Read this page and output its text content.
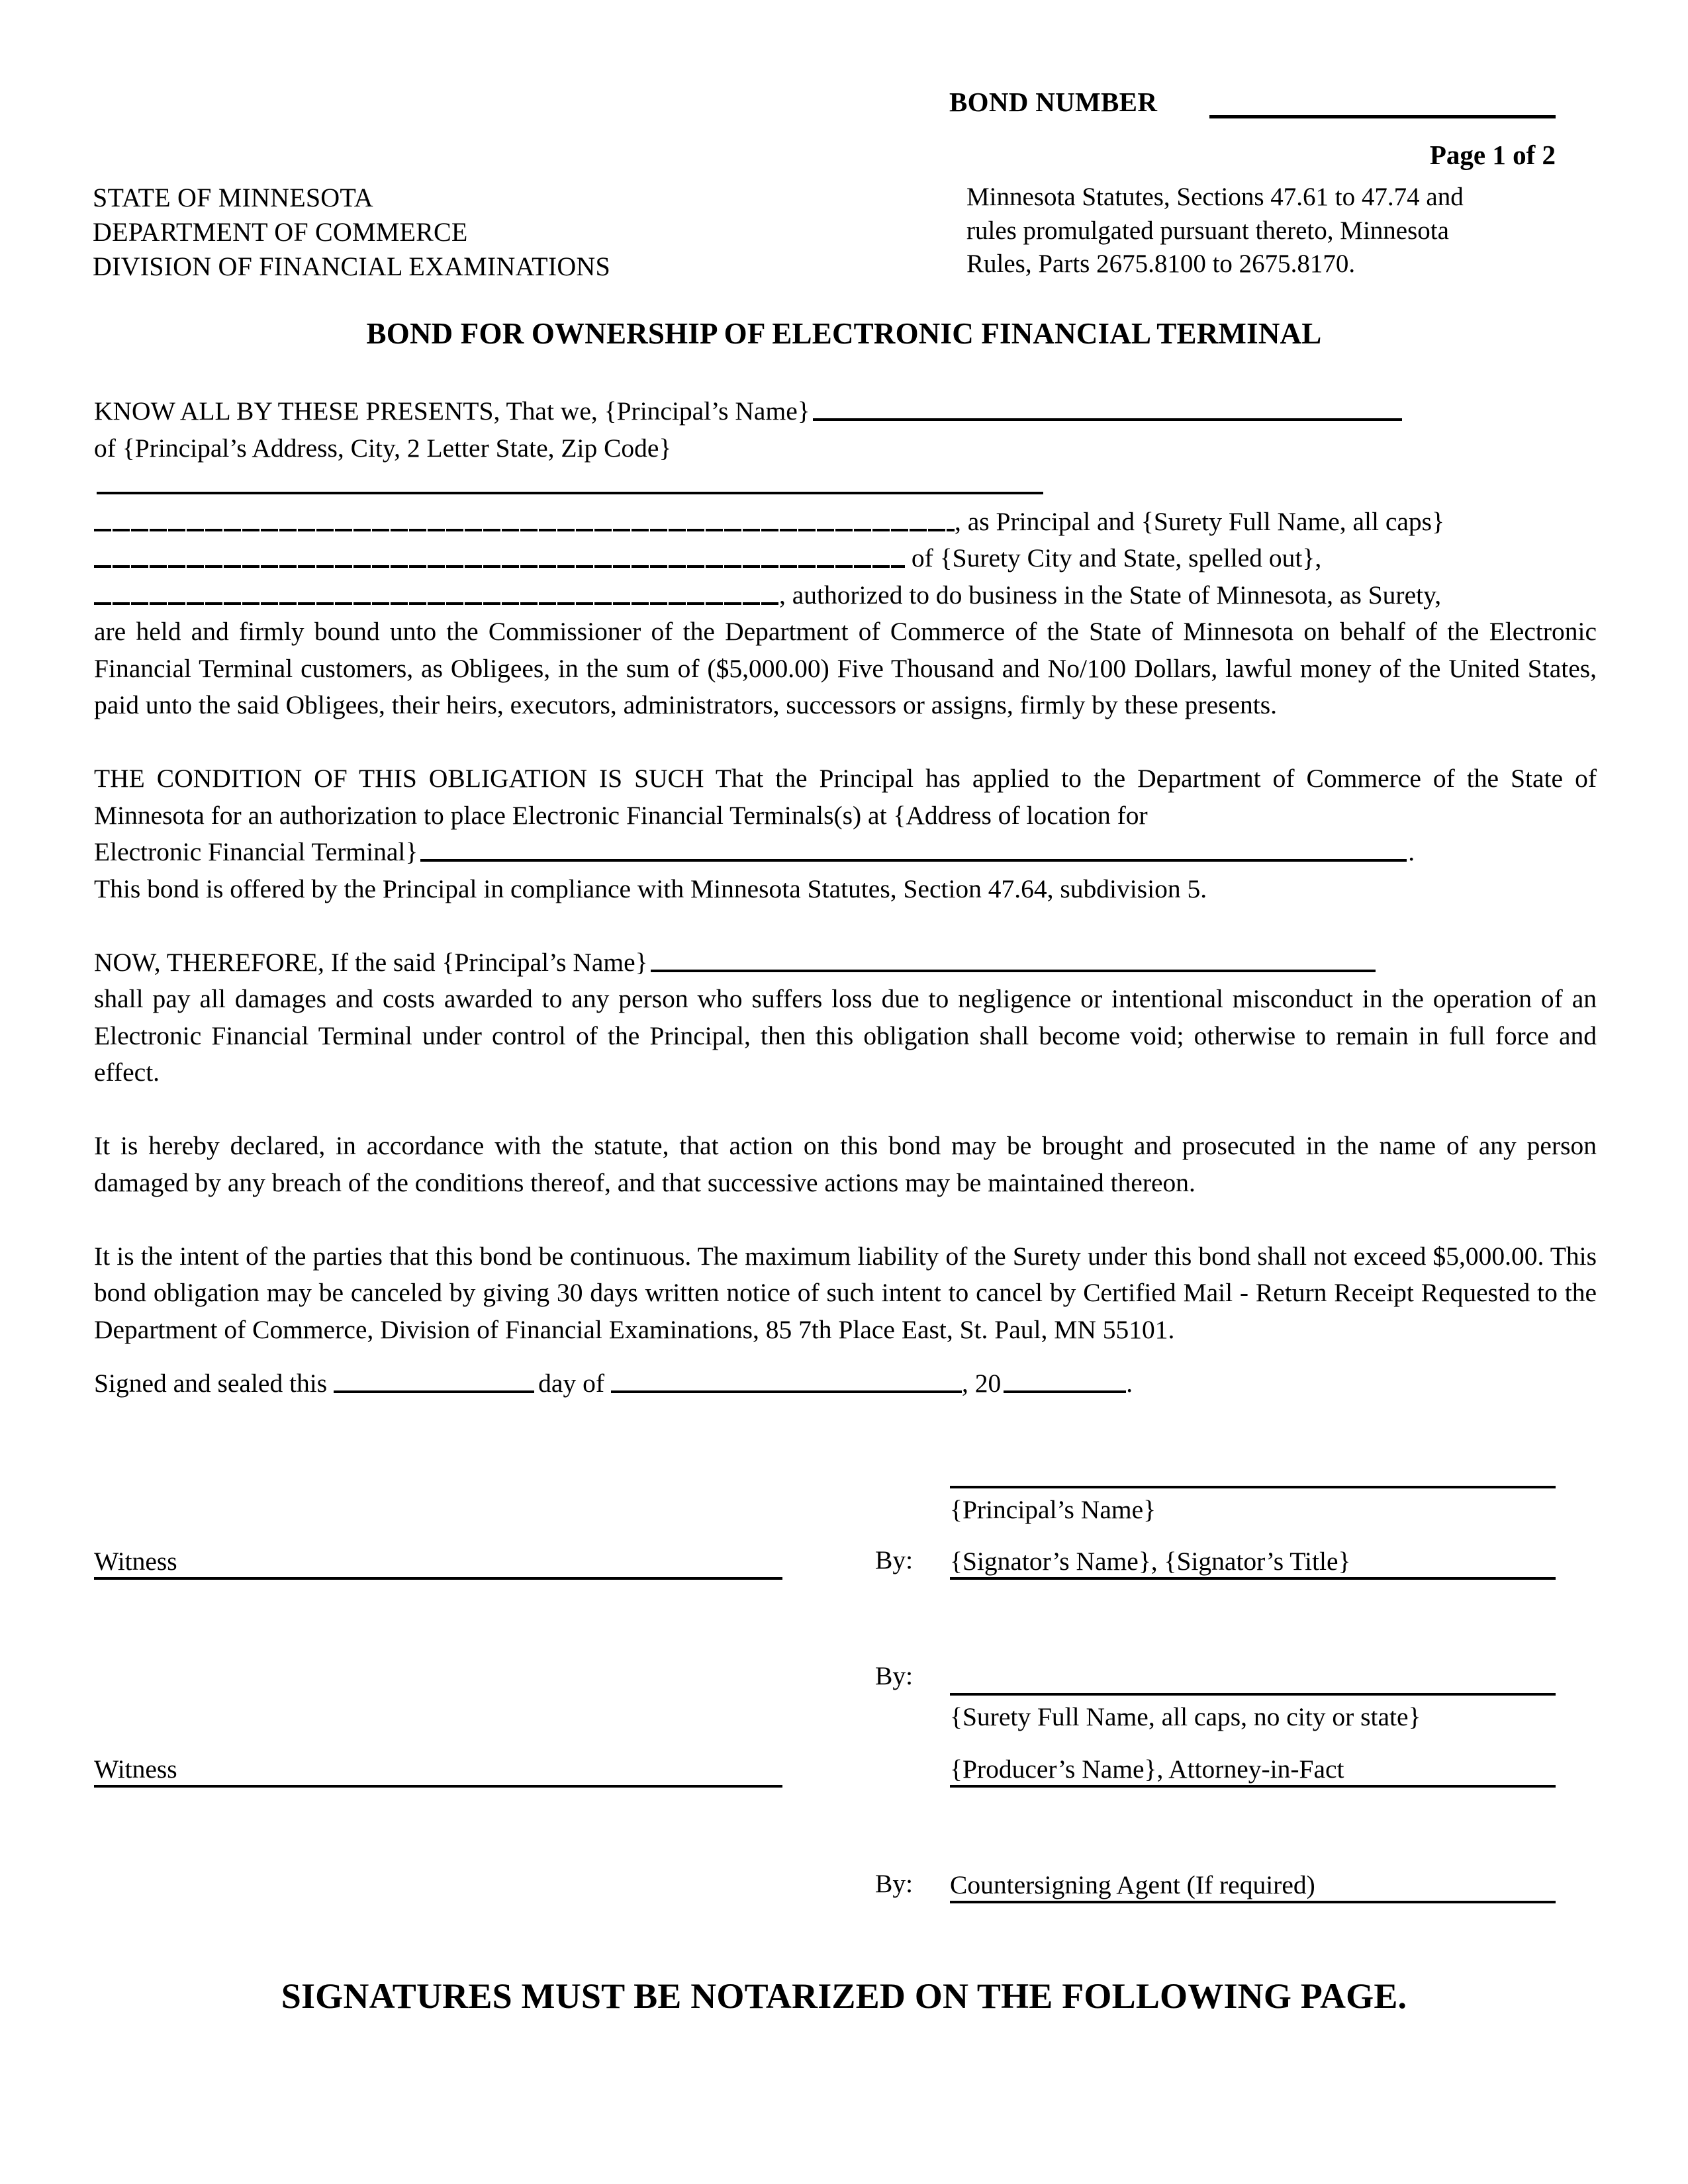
BOND NUMBER
Page 1 of 2
STATE OF MINNESOTA
DEPARTMENT OF COMMERCE
DIVISION OF FINANCIAL EXAMINATIONS
Minnesota Statutes, Sections 47.61 to 47.74 and
rules promulgated pursuant thereto, Minnesota
Rules, Parts 2675.8100 to 2675.8170.
BOND FOR OWNERSHIP OF ELECTRONIC FINANCIAL TERMINAL
KNOW ALL BY THESE PRESENTS, That we, {Principal’s Name}
of {Principal’s Address, City, 2 Letter State, Zip Code}
, as Principal and {Surety Full Name, all caps}
of {Surety City and State, spelled out},
, authorized to do business in the State of Minnesota, as Surety,
are held and firmly bound unto the Commissioner of the Department of Commerce of the State of Minnesota on behalf of the Electronic Financial Terminal customers, as Obligees, in the sum of ($5,000.00) Five Thousand and No/100 Dollars, lawful money of the United States, paid unto the said Obligees, their heirs, executors, administrators, successors or assigns, firmly by these presents.
THE CONDITION OF THIS OBLIGATION IS SUCH That the Principal has applied to the Department of Commerce of the State of Minnesota for an authorization to place Electronic Financial Terminals(s) at {Address of location for
Electronic Financial Terminal}	.
This bond is offered by the Principal in compliance with Minnesota Statutes, Section 47.64, subdivision 5.
NOW, THEREFORE, If the said {Principal’s Name}
shall pay all damages and costs awarded to any person who suffers loss due to negligence or intentional misconduct in the operation of an Electronic Financial Terminal under control of the Principal, then this obligation shall become void; otherwise to remain in full force and effect.
It is hereby declared, in accordance with the statute, that action on this bond may be brought and prosecuted in the name of any person damaged by any breach of the conditions thereof, and that successive actions may be maintained thereon.
It is the intent of the parties that this bond be continuous. The maximum liability of the Surety under this bond shall not exceed $5,000.00. This bond obligation may be canceled by giving 30 days written notice of such intent to cancel by Certified Mail - Return Receipt Requested to the Department of Commerce, Division of Financial Examinations, 85 7th Place East, St. Paul, MN 55101.
Signed and sealed this	day of	, 20	.
{Principal’s Name}
By: {Signator’s Name}, {Signator’s Title}
Witness
{Surety Full Name, all caps, no city or state}
By:
{Producer’s Name}, Attorney-in-Fact
Witness
By: Countersigning Agent (If required)
SIGNATURES MUST BE NOTARIZED ON THE FOLLOWING PAGE.
